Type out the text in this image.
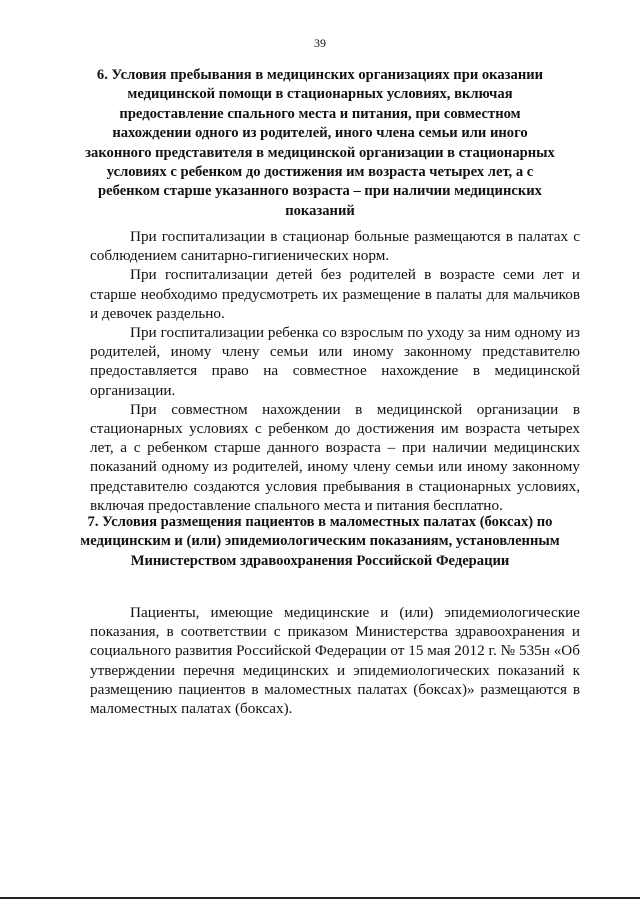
39
6. Условия пребывания в медицинских организациях при оказании медицинской помощи в стационарных условиях, включая предоставление спального места и питания, при совместном нахождении одного из родителей, иного члена семьи или иного законного представителя в медицинской организации в стационарных условиях с ребенком до достижения им возраста четырех лет, а с ребенком старше указанного возраста – при наличии медицинских показаний

При госпитализации в стационар больные размещаются в палатах с соблюдением санитарно-гигиенических норм.

При госпитализации детей без родителей в возрасте семи лет и старше необходимо предусмотреть их размещение в палаты для мальчиков и девочек раздельно.

При госпитализации ребенка со взрослым по уходу за ним одному из родителей, иному члену семьи или иному законному представителю предоставляется право на совместное нахождение в медицинской организации.

При совместном нахождении в медицинской организации в стационарных условиях с ребенком до достижения им возраста четырех лет, а с ребенком старше данного возраста – при наличии медицинских показаний одному из родителей, иному члену семьи или иному законному представителю создаются условия пребывания в стационарных условиях, включая предоставление спального места и питания бесплатно.

7. Условия размещения пациентов в маломестных палатах (боксах) по медицинским и (или) эпидемиологическим показаниям, установленным Министерством здравоохранения Российской Федерации

Пациенты, имеющие медицинские и (или) эпидемиологические показания, в соответствии с приказом Министерства здравоохранения и социального развития Российской Федерации от 15 мая 2012 г. № 535н «Об утверждении перечня медицинских и эпидемиологических показаний к размещению пациентов в маломестных палатах (боксах)» размещаются в маломестных палатах (боксах).
